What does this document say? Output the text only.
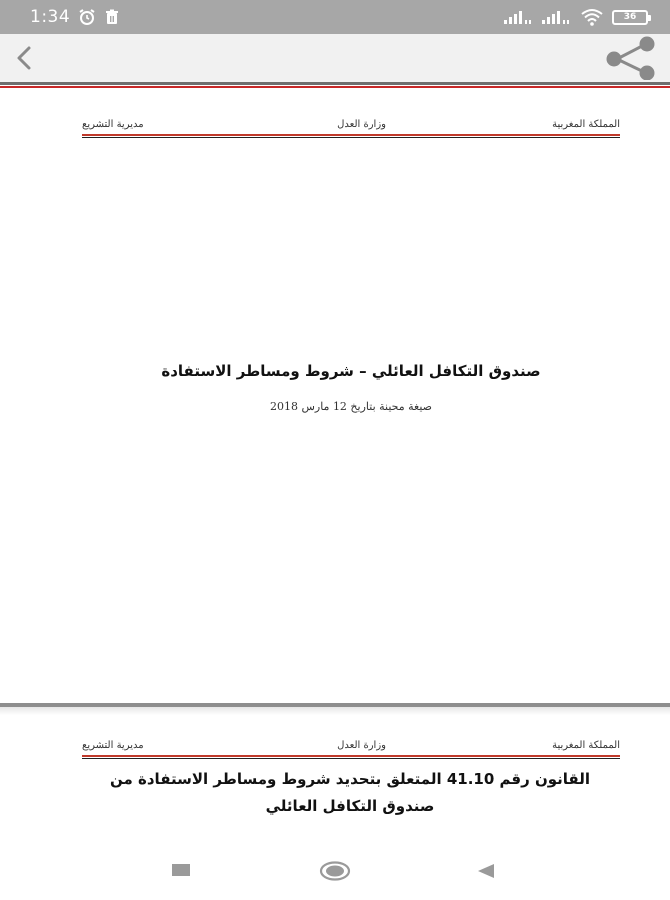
1:34	36
المملكة المغربية
وزارة العدل
مديرية التشريع
صندوق التكافل العائلي – شروط ومساطر الاستفادة
صيغة محينة بتاريخ 12 مارس 2018
المملكة المغربية
وزارة العدل
مديرية التشريع
القانون رقم 41.10 المتعلق بتحديد شروط ومساطر الاستفادة من
صندوق التكافل العائلي
